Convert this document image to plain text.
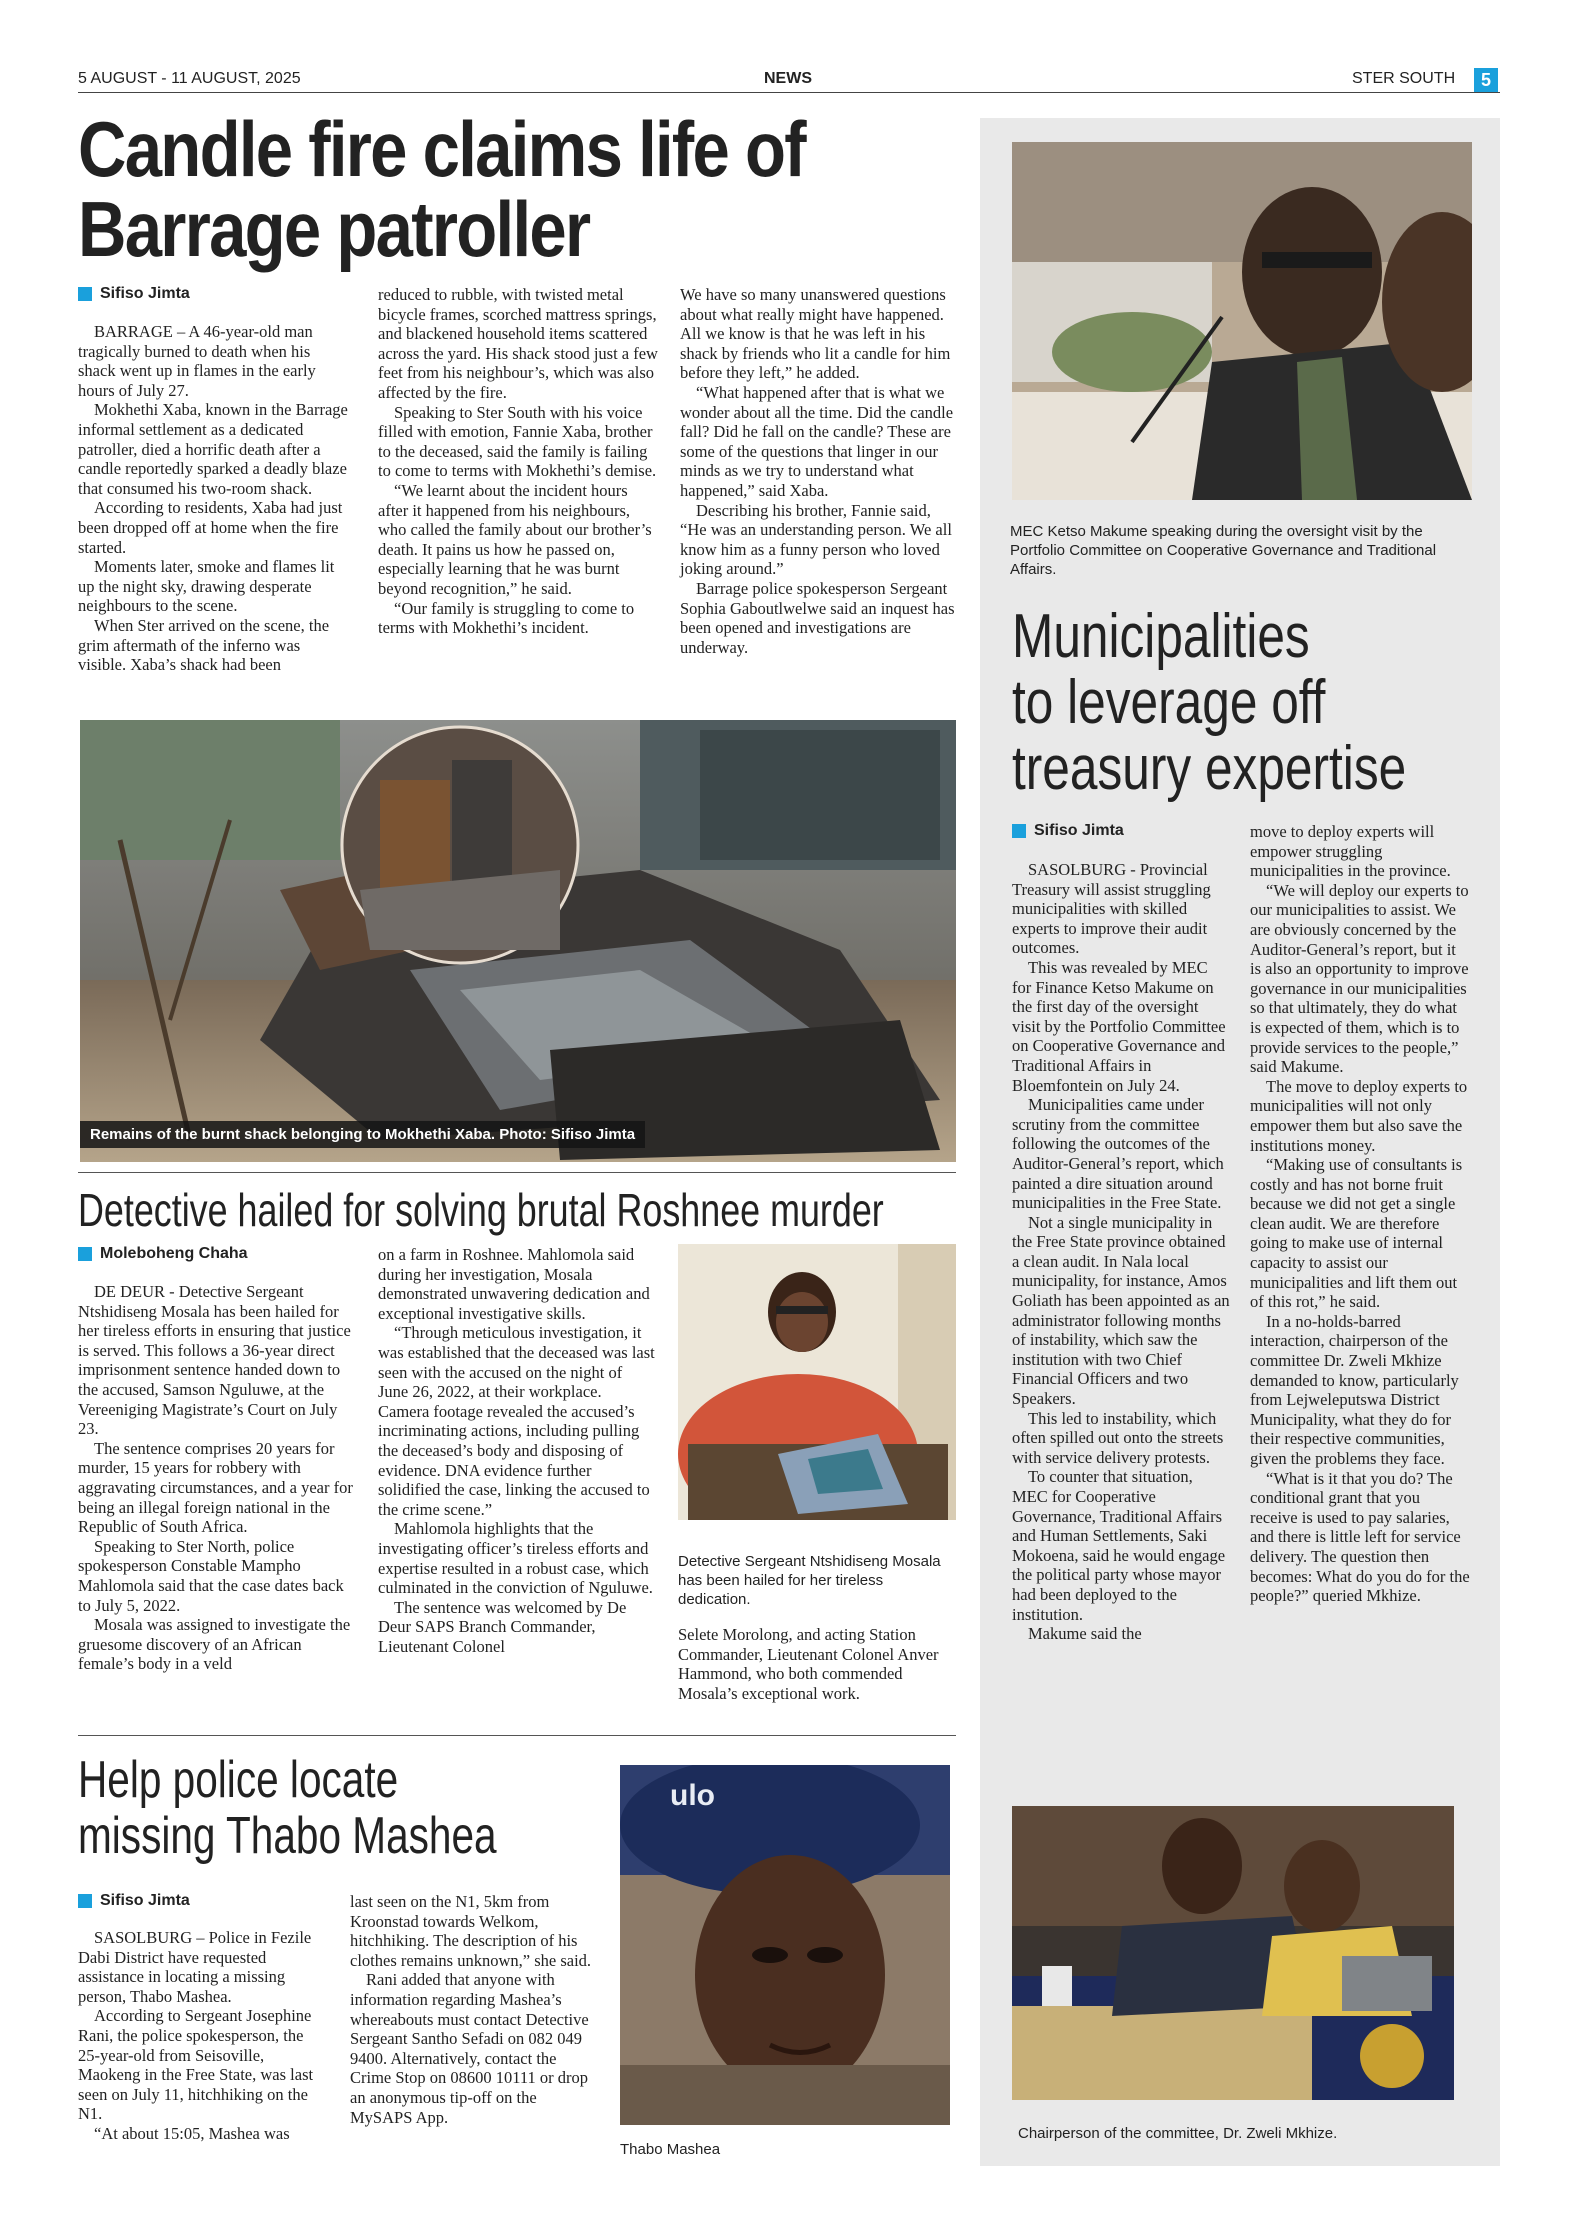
5 AUGUST - 11 AUGUST, 2025	NEWS	STER SOUTH	5
Candle fire claims life of
Barrage patroller
Sifiso Jimta

BARRAGE – A 46-year-old man tragically burned to death when his shack went up in flames in the early hours of July 27.

Mokhethi Xaba, known in the Barrage informal settlement as a dedicated patroller, died a horrific death after a candle reportedly sparked a deadly blaze that consumed his two-room shack.

According to residents, Xaba had just been dropped off at home when the fire started.

Moments later, smoke and flames lit up the night sky, drawing desperate neighbours to the scene.

When Ster arrived on the scene, the grim aftermath of the inferno was visible. Xaba’s shack had been

reduced to rubble, with twisted metal bicycle frames, scorched mattress springs, and blackened household items scattered across the yard. His shack stood just a few feet from his neighbour’s, which was also affected by the fire.

Speaking to Ster South with his voice filled with emotion, Fannie Xaba, brother to the deceased, said the family is failing to come to terms with Mokhethi’s demise.

“We learnt about the incident hours after it happened from his neighbours, who called the family about our brother’s death. It pains us how he passed on, especially learning that he was burnt beyond recognition,” he said.

“Our family is struggling to come to terms with Mokhethi’s incident.

We have so many unanswered questions about what really might have happened. All we know is that he was left in his shack by friends who lit a candle for him before they left,” he added.

“What happened after that is what we wonder about all the time. Did the candle fall? Did he fall on the candle? These are some of the questions that linger in our minds as we try to understand what happened,” said Xaba.

Describing his brother, Fannie said, “He was an understanding person. We all know him as a funny person who loved joking around.”

Barrage police spokesperson Sergeant Sophia Gaboutlwelwe said an inquest has been opened and investigations are underway.

Remains of the burnt shack belonging to Mokhethi Xaba. Photo: Sifiso Jimta
Detective hailed for solving brutal Roshnee murder
Moleboheng Chaha

DE DEUR - Detective Sergeant Ntshidiseng Mosala has been hailed for her tireless efforts in ensuring that justice is served. This follows a 36-year direct imprisonment sentence handed down to the accused, Samson Nguluwe, at the Vereeniging Magistrate’s Court on July 23.

The sentence comprises 20 years for murder, 15 years for robbery with aggravating circumstances, and a year for being an illegal foreign national in the Republic of South Africa.

Speaking to Ster North, police spokesperson Constable Mampho Mahlomola said that the case dates back to July 5, 2022.

Mosala was assigned to investigate the gruesome discovery of an African female’s body in a veld

on a farm in Roshnee. Mahlomola said during her investigation, Mosala demonstrated unwavering dedication and exceptional investigative skills.

“Through meticulous investigation, it was established that the deceased was last seen with the accused on the night of June 26, 2022, at their workplace. Camera footage revealed the accused’s incriminating actions, including pulling the deceased’s body and disposing of evidence. DNA evidence further solidified the case, linking the accused to the crime scene.”

Mahlomola highlights that the investigating officer’s tireless efforts and expertise resulted in a robust case, which culminated in the conviction of Nguluwe.

The sentence was welcomed by De Deur SAPS Branch Commander, Lieutenant Colonel

Detective Sergeant Ntshidiseng Mosala has been hailed for her tireless dedication.

Selete Morolong, and acting Station Commander, Lieutenant Colonel Anver Hammond, who both commended Mosala’s exceptional work.

Help police locate
missing Thabo Mashea
Sifiso Jimta

SASOLBURG – Police in Fezile Dabi District have requested assistance in locating a missing person, Thabo Mashea.

According to Sergeant Josephine Rani, the police spokesperson, the 25-year-old from Seisoville, Maokeng in the Free State, was last seen on July 11, hitchhiking on the N1.

“At about 15:05, Mashea was

last seen on the N1, 5km from Kroonstad towards Welkom, hitchhiking. The description of his clothes remains unknown,” she said.

Rani added that anyone with information regarding Mashea’s whereabouts must contact Detective Sergeant Santho Sefadi on 082 049 9400. Alternatively, contact the Crime Stop on 08600 10111 or drop an anonymous tip-off on the MySAPS App.

ulo
Thabo Mashea
MEC Ketso Makume speaking during the oversight visit by the Portfolio Committee on Cooperative Governance and Traditional Affairs.
Municipalities
to leverage off
treasury expertise
Sifiso Jimta

SASOLBURG - Provincial Treasury will assist struggling municipalities with skilled experts to improve their audit outcomes.

This was revealed by MEC for Finance Ketso Makume on the first day of the oversight visit by the Portfolio Committee on Cooperative Governance and Traditional Affairs in Bloemfontein on July 24.

Municipalities came under scrutiny from the committee following the outcomes of the Auditor-General’s report, which painted a dire situation around municipalities in the Free State.

Not a single municipality in the Free State province obtained a clean audit. In Nala local municipality, for instance, Amos Goliath has been appointed as an administrator following months of instability, which saw the institution with two Chief Financial Officers and two Speakers.

This led to instability, which often spilled out onto the streets with service delivery protests.

To counter that situation, MEC for Cooperative Governance, Traditional Affairs and Human Settlements, Saki Mokoena, said he would engage the political party whose mayor had been deployed to the institution.

Makume said the

move to deploy experts will empower struggling municipalities in the province.

“We will deploy our experts to our municipalities to assist. We are obviously concerned by the Auditor-General’s report, but it is also an opportunity to improve governance in our municipalities so that ultimately, they do what is expected of them, which is to provide services to the people,” said Makume.

The move to deploy experts to municipalities will not only empower them but also save the institutions money.

“Making use of consultants is costly and has not borne fruit because we did not get a single clean audit. We are therefore going to make use of internal capacity to assist our municipalities and lift them out of this rot,” he said.

In a no-holds-barred interaction, chairperson of the committee Dr. Zweli Mkhize demanded to know, particularly from Lejweleputswa District Municipality, what they do for their respective communities, given the problems they face.

“What is it that you do? The conditional grant that you receive is used to pay salaries, and there is little left for service delivery. The question then becomes: What do you do for the people?” queried Mkhize.

Chairperson of the committee, Dr. Zweli Mkhize.
